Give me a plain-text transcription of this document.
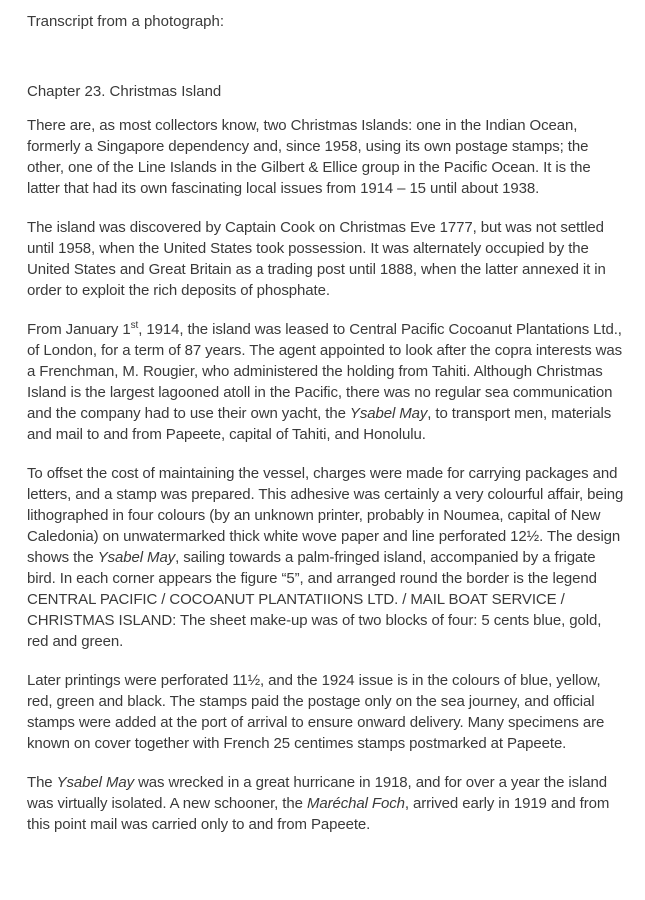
Transcript from a photograph:

Chapter 23. Christmas Island

There are, as most collectors know, two Christmas Islands: one in the Indian Ocean, formerly a Singapore dependency and, since 1958, using its own postage stamps; the other, one of the Line Islands in the Gilbert & Ellice group in the Pacific Ocean. It is the latter that had its own fascinating local issues from 1914 – 15 until about 1938.

The island was discovered by Captain Cook on Christmas Eve 1777, but was not settled until 1958, when the United States took possession. It was alternately occupied by the United States and Great Britain as a trading post until 1888, when the latter annexed it in order to exploit the rich deposits of phosphate.

From January 1st, 1914, the island was leased to Central Pacific Cocoanut Plantations Ltd., of London, for a term of 87 years. The agent appointed to look after the copra interests was a Frenchman, M. Rougier, who administered the holding from Tahiti. Although Christmas Island is the largest lagooned atoll in the Pacific, there was no regular sea communication and the company had to use their own yacht, the Ysabel May, to transport men, materials and mail to and from Papeete, capital of Tahiti, and Honolulu.

To offset the cost of maintaining the vessel, charges were made for carrying packages and letters, and a stamp was prepared. This adhesive was certainly a very colourful affair, being lithographed in four colours (by an unknown printer, probably in Noumea, capital of New Caledonia) on unwatermarked thick white wove paper and line perforated 12½. The design shows the Ysabel May, sailing towards a palm-fringed island, accompanied by a frigate bird. In each corner appears the figure “5”, and arranged round the border is the legend CENTRAL PACIFIC / COCOANUT PLANTATIIONS LTD. / MAIL BOAT SERVICE / CHRISTMAS ISLAND: The sheet make-up was of two blocks of four: 5 cents blue, gold, red and green.

Later printings were perforated 11½, and the 1924 issue is in the colours of blue, yellow, red, green and black. The stamps paid the postage only on the sea journey, and official stamps were added at the port of arrival to ensure onward delivery. Many specimens are known on cover together with French 25 centimes stamps postmarked at Papeete.

The Ysabel May was wrecked in a great hurricane in 1918, and for over a year the island was virtually isolated. A new schooner, the Maréchal Foch, arrived early in 1919 and from this point mail was carried only to and from Papeete.
